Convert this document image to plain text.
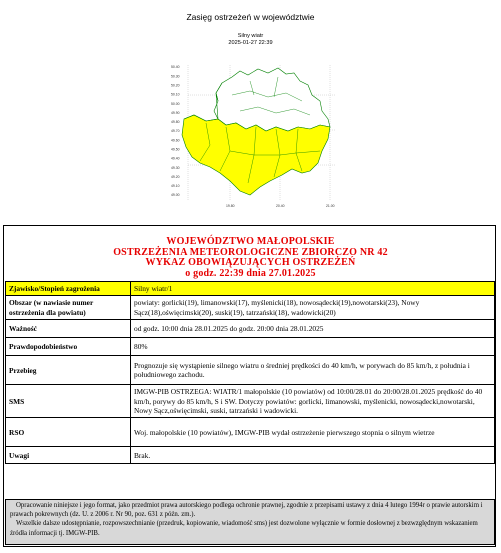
Zasięg ostrzeżeń w województwie
Silny wiatr
2025-01-27 22:39
50.40
50.30
50.20
50.10
50.00
49.90
49.80
49.70
49.60
49.50
49.40
49.30
49.20
49.10
49.00
19.80	20.40	21.00
WOJEWÓDZTWO MAŁOPOLSKIE
OSTRZEŻENIA METEOROLOGICZNE ZBIORCZO NR 42
WYKAZ OBOWIĄZUJĄCYCH OSTRZEŻEŃ
o godz. 22:39 dnia 27.01.2025
Zjawisko/Stopień zagrożenia	Silny wiatr/1
Obszar (w nawiasie numer ostrzeżenia dla powiatu)	powiaty: gorlicki(19), limanowski(17), myślenicki(18), nowosądecki(19),nowotarski(23), Nowy Sącz(18),oświęcimski(20), suski(19), tatrzański(18), wadowicki(20)
Ważność	od godz. 10:00 dnia 28.01.2025 do godz. 20:00 dnia 28.01.2025
Prawdopodobieństwo	80%
Przebieg	Prognozuje się wystąpienie silnego wiatru o średniej prędkości do 40 km/h, w porywach do 85 km/h, z południa i południowego zachodu.
SMS	IMGW-PIB OSTRZEGA: WIATR/1 małopolskie (10 powiatów) od 10:00/28.01 do 20:00/28.01.2025 prędkość do 40 km/h, porywy do 85 km/h, S i SW. Dotyczy powiatów: gorlicki, limanowski, myślenicki, nowosądecki,nowotarski, Nowy Sącz,oświęcimski, suski, tatrzański i wadowicki.
RSO	Woj. małopolskie (10 powiatów), IMGW-PIB wydał ostrzeżenie pierwszego stopnia o silnym wietrze
Uwagi	Brak.

Opracowanie niniejsze i jego format, jako przedmiot prawa autorskiego podlega ochronie prawnej, zgodnie z przepisami ustawy z dnia 4 lutego 1994r o prawie autorskim i prawach pokrewnych (dz. U. z 2006 r. Nr 90, poz. 631 z późn. zm.).

Wszelkie dalsze udostępnianie, rozpowszechnianie (przedruk, kopiowanie, wiadomość sms) jest dozwolone wyłącznie w formie dosłownej z bezwzględnym wskazaniem źródła informacji tj. IMGW-PIB.
